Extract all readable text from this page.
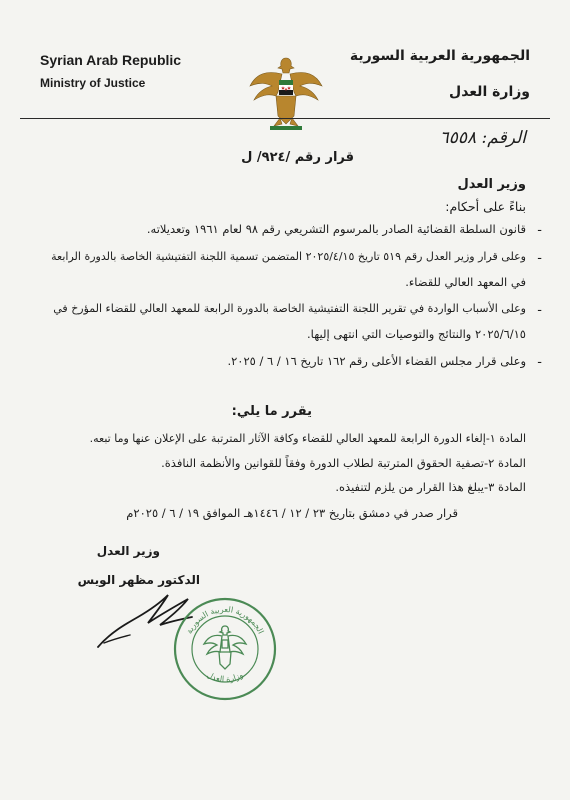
Syrian Arab Republic
Ministry of Justice
الجمهورية العربية السورية
وزارة العدل
الرقم: ٦٥٥٨
قرار رقم /٩٢٤/ ل
وزير العدل
بناءً على أحكام:
-
قانون السلطة القضائية الصادر بالمرسوم التشريعي رقم ٩٨ لعام ١٩٦١ وتعديلاته.
-
وعلى قرار وزير العدل رقم ٥١٩ تاريخ ٢٠٢٥/٤/١٥ المتضمن تسمية اللجنة التفتيشية الخاصة بالدورة الرابعة
في المعهد العالي للقضاء.
-
وعلى الأسباب الواردة في تقرير اللجنة التفتيشية الخاصة بالدورة الرابعة للمعهد العالي للقضاء المؤرخ في
٢٠٢٥/٦/١٥ والنتائج والتوصيات التي انتهى إليها.
-
وعلى قرار مجلس القضاء الأعلى رقم ١٦٢ تاريخ ١٦ / ٦ / ٢٠٢٥.
يقرر ما يلي:
المادة ١-إلغاء الدورة الرابعة للمعهد العالي للقضاء وكافة الآثار المترتبة على الإعلان عنها وما تبعه.
المادة ٢-تصفية الحقوق المترتبة لطلاب الدورة وفقاً للقوانين والأنظمة النافذة.
المادة ٣-يبلغ هذا القرار من يلزم لتنفيذه.
قرار صدر في دمشق بتاريخ ٢٣ / ١٢ / ١٤٤٦هـ الموافق ١٩ / ٦ / ٢٠٢٥م
وزير العدل
الدكتور مظهر الويس
الجمهورية العربية السورية
وزارة العدل
